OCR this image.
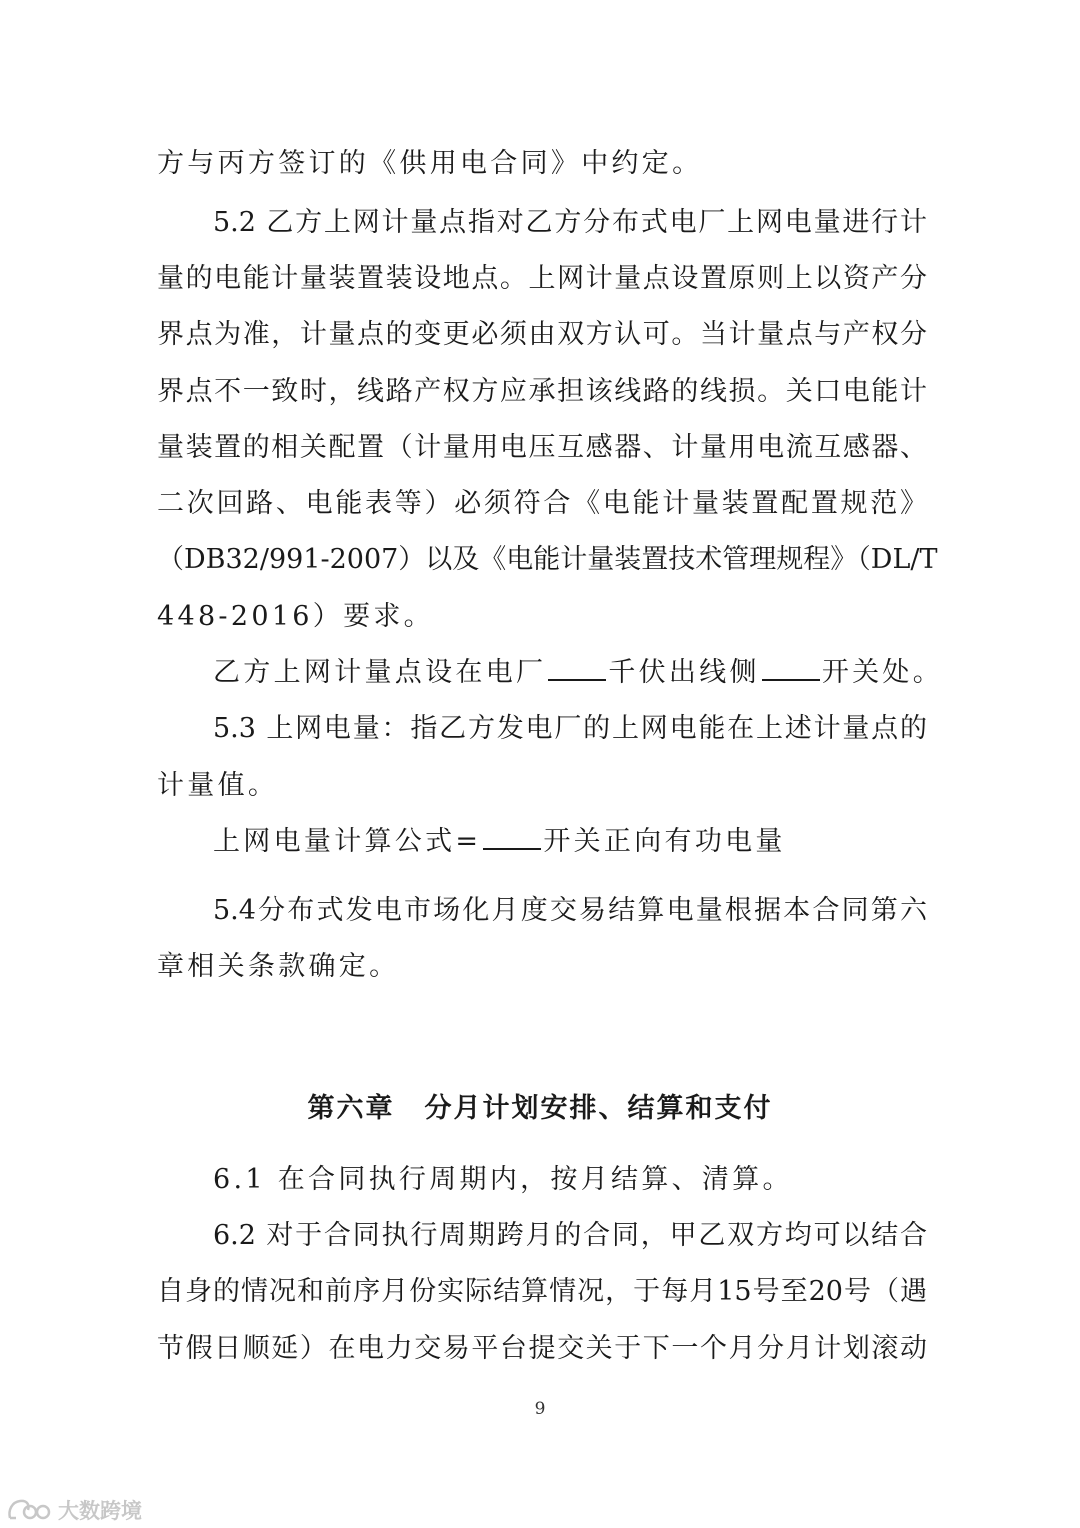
方与丙方签订的《供用电合同》中约定。
5.2 乙方上网计量点指对乙方分布式电厂上网电量进行计
量的电能计量装置装设地点。上网计量点设置原则上以资产分
界点为准，计量点的变更必须由双方认可。当计量点与产权分
界点不一致时，线路产权方应承担该线路的线损。关口电能计
量装置的相关配置（计量用电压互感器、计量用电流互感器、
二次回路、电能表等）必须符合《电能计量装置配置规范》
（DB32/991-2007）以及《电能计量装置技术管理规程》（DL/T
448-2016）要求。
乙方上网计量点设在电厂 千伏出线侧 开关处。
5.3 上网电量：指乙方发电厂的上网电能在上述计量点的
计量值。
上网电量计算公式= 开关正向有功电量
5.4分布式发电市场化月度交易结算电量根据本合同第六
章相关条款确定。
第六章 分月计划安排、结算和支付
6.1 在合同执行周期内，按月结算、清算。
6.2 对于合同执行周期跨月的合同，甲乙双方均可以结合
自身的情况和前序月份实际结算情况，于每月15号至20号（遇
节假日顺延）在电力交易平台提交关于下一个月分月计划滚动
9
大数跨境
